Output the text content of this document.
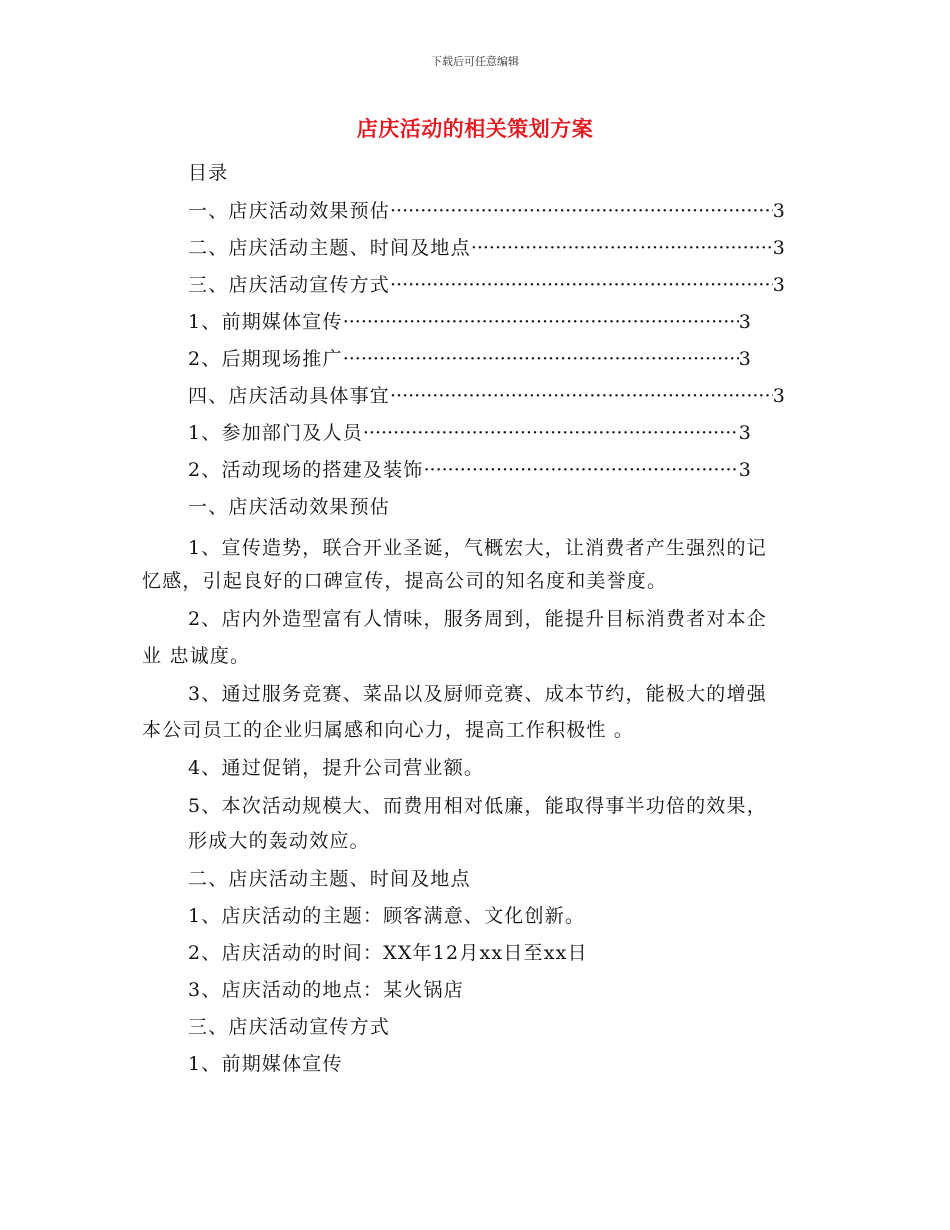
下载后可任意编辑
店庆活动的相关策划方案
目录
一、店庆活动效果预估 ·····	3
二、店庆活动主题、时间及地点 ·····	3
三、店庆活动宣传方式 ·····	3
1、前期媒体宣传 ·····	3
2、后期现场推广 ·····	3
四、店庆活动具体事宜 ·····	3
1、参加部门及人员 ·····	3
2、活动现场的搭建及装饰 ·····	3
一、店庆活动效果预估
1、宣传造势，联合开业圣诞，气概宏大，让消费者产生强烈的记
忆感，引起良好的口碑宣传，提高公司的知名度和美誉度。
2、店内外造型富有人情味，服务周到，能提升目标消费者对本企
业 忠诚度。
3、通过服务竞赛、菜品以及厨师竞赛、成本节约，能极大的增强
本公司员工的企业归属感和向心力，提高工作积极性 。
4、通过促销，提升公司营业额。
5、本次活动规模大、而费用相对低廉，能取得事半功倍的效果，
形成大的轰动效应。
二、店庆活动主题、时间及地点
1、店庆活动的主题：顾客满意、文化创新。
2、店庆活动的时间：XX年12月xx日至xx日
3、店庆活动的地点：某火锅店
三、店庆活动宣传方式
1、前期媒体宣传
